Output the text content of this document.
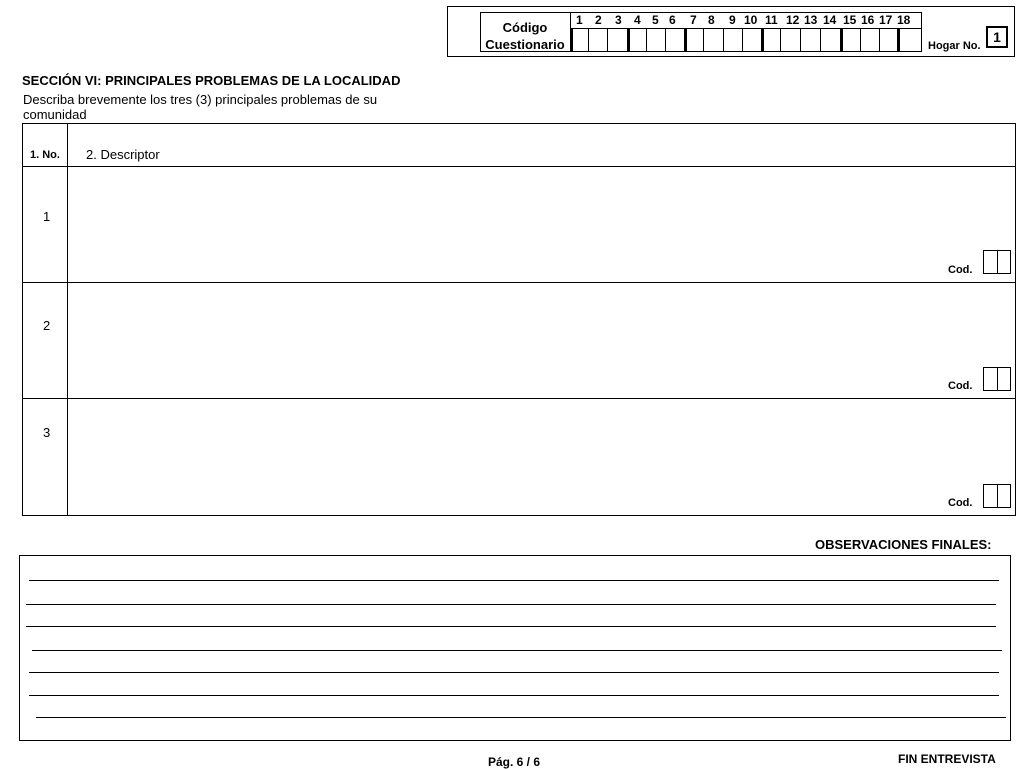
Código
Cuestionario
1 2 3 4 5 6 7 8 9 10 11 12 13 14 15 16 17 18
Hogar No.
1
SECCIÓN VI: PRINCIPALES PROBLEMAS DE LA LOCALIDAD
Describa brevemente los tres (3) principales problemas de su comunidad
1. No. 2. Descriptor
1
Cod.
2
Cod.
3
Cod.
OBSERVACIONES FINALES:
Pág. 6 / 6	FIN ENTREVISTA
